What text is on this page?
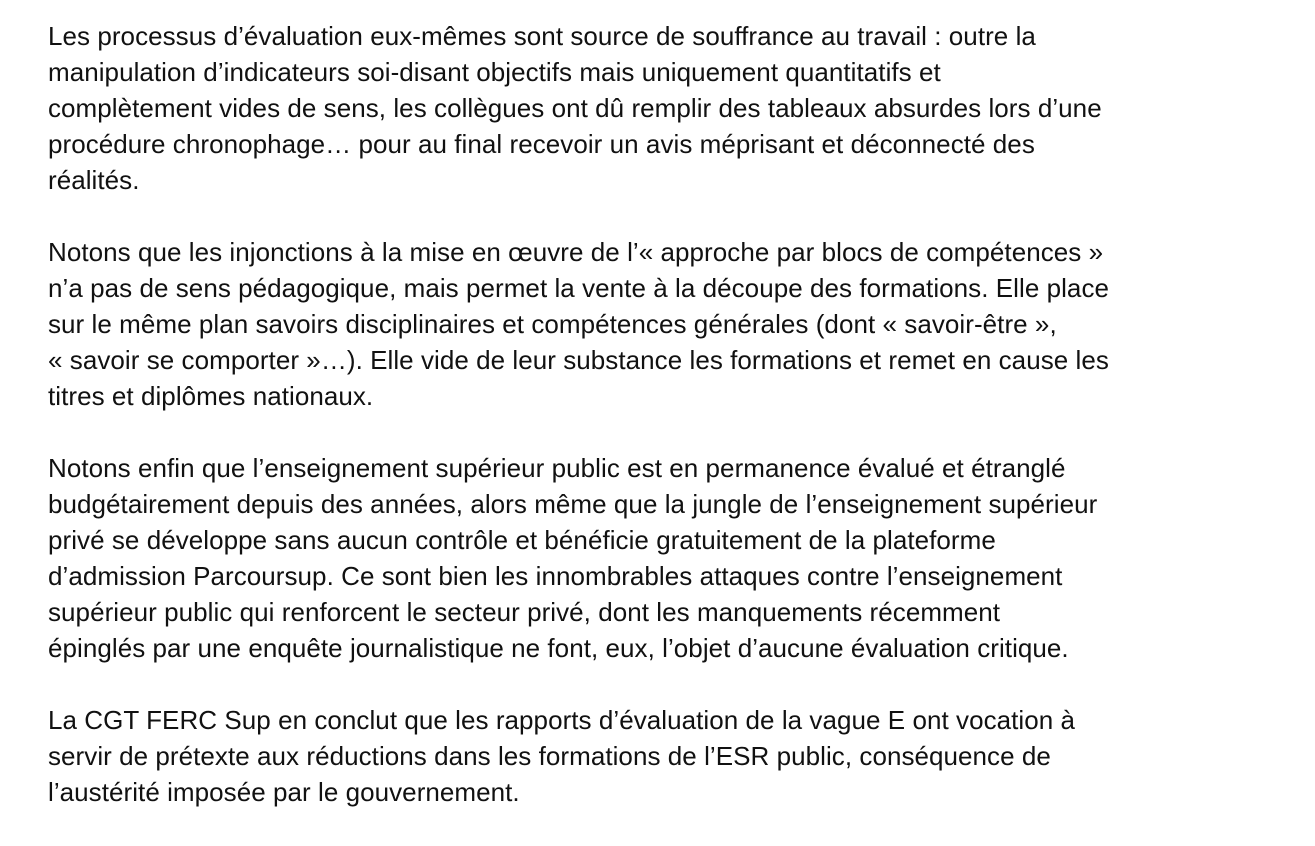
Les processus d’évaluation eux-mêmes sont source de souffrance au travail : outre la
manipulation d’indicateurs soi-disant objectifs mais uniquement quantitatifs et
complètement vides de sens, les collègues ont dû remplir des tableaux absurdes lors d’une
procédure chronophage… pour au final recevoir un avis méprisant et déconnecté des
réalités.

Notons que les injonctions à la mise en œuvre de l’« approche par blocs de compétences »
n’a pas de sens pédagogique, mais permet la vente à la découpe des formations. Elle place
sur le même plan savoirs disciplinaires et compétences générales (dont « savoir-être »,
« savoir se comporter »…). Elle vide de leur substance les formations et remet en cause les
titres et diplômes nationaux.

Notons enfin que l’enseignement supérieur public est en permanence évalué et étranglé
budgétairement depuis des années, alors même que la jungle de l’enseignement supérieur
privé se développe sans aucun contrôle et bénéficie gratuitement de la plateforme
d’admission Parcoursup. Ce sont bien les innombrables attaques contre l’enseignement
supérieur public qui renforcent le secteur privé, dont les manquements récemment
épinglés par une enquête journalistique ne font, eux, l’objet d’aucune évaluation critique.

La CGT FERC Sup en conclut que les rapports d’évaluation de la vague E ont vocation à
servir de prétexte aux réductions dans les formations de l’ESR public, conséquence de
l’austérité imposée par le gouvernement.
